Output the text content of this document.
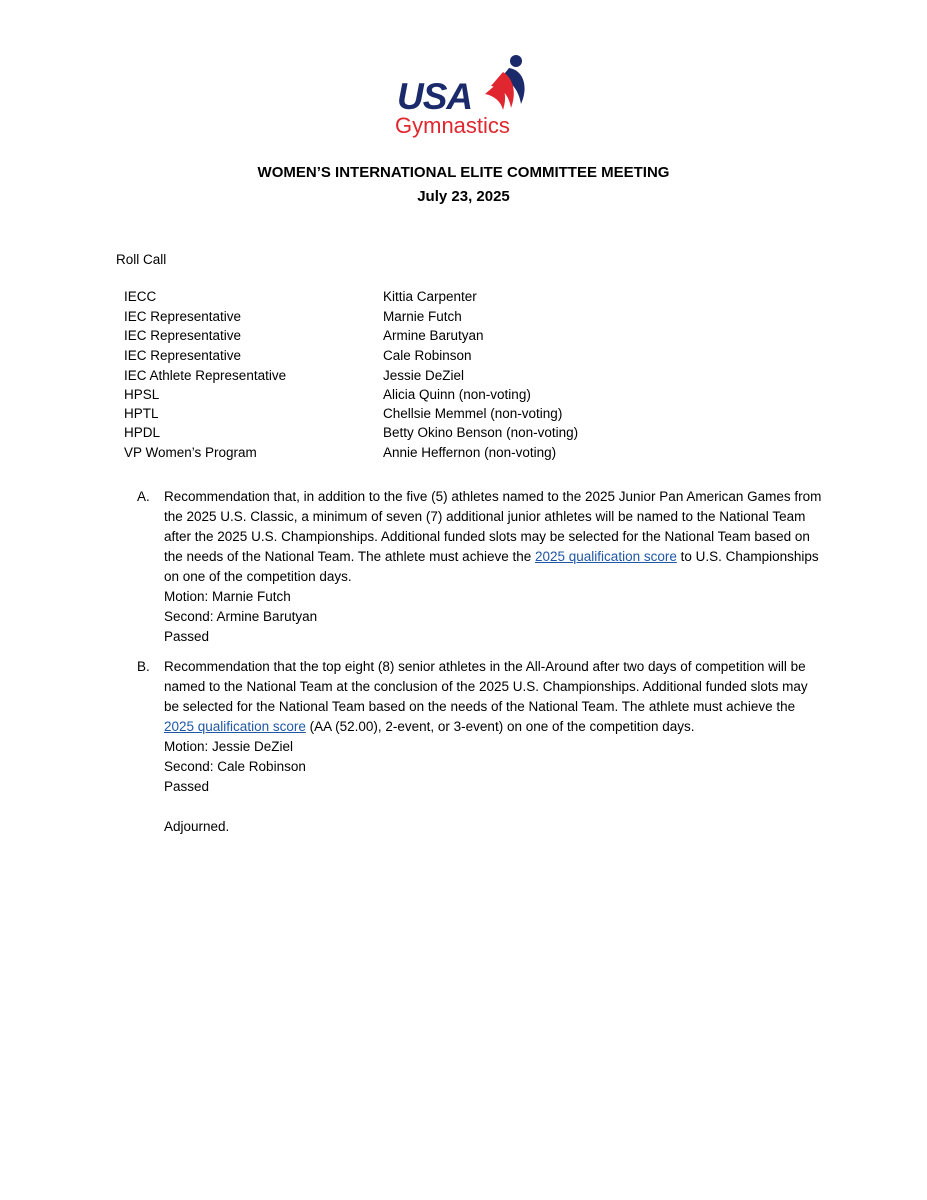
USA
Gymnastics
WOMEN’S INTERNATIONAL ELITE COMMITTEE MEETING
July 23, 2025
Roll Call
IECC	Kittia Carpenter
IEC Representative	Marnie Futch
IEC Representative	Armine Barutyan
IEC Representative	Cale Robinson
IEC Athlete Representative	Jessie DeZiel
HPSL	Alicia Quinn (non-voting)
HPTL	Chellsie Memmel (non-voting)
HPDL	Betty Okino Benson (non-voting)
VP Women’s Program	Annie Heffernon (non-voting)
A. Recommendation that, in addition to the five (5) athletes named to the 2025 Junior Pan American Games from the 2025 U.S. Classic, a minimum of seven (7) additional junior athletes will be named to the National Team after the 2025 U.S. Championships. Additional funded slots may be selected for the National Team based on the needs of the National Team. The athlete must achieve the 2025 qualification score to U.S. Championships on one of the competition days.

Motion: Marnie Futch

Second: Armine Barutyan

Passed

B. Recommendation that the top eight (8) senior athletes in the All-Around after two days of competition will be named to the National Team at the conclusion of the 2025 U.S. Championships. Additional funded slots may be selected for the National Team based on the needs of the National Team. The athlete must achieve the 2025 qualification score (AA (52.00), 2-event, or 3-event) on one of the competition days.

Motion: Jessie DeZiel

Second: Cale Robinson

Passed

Adjourned.
